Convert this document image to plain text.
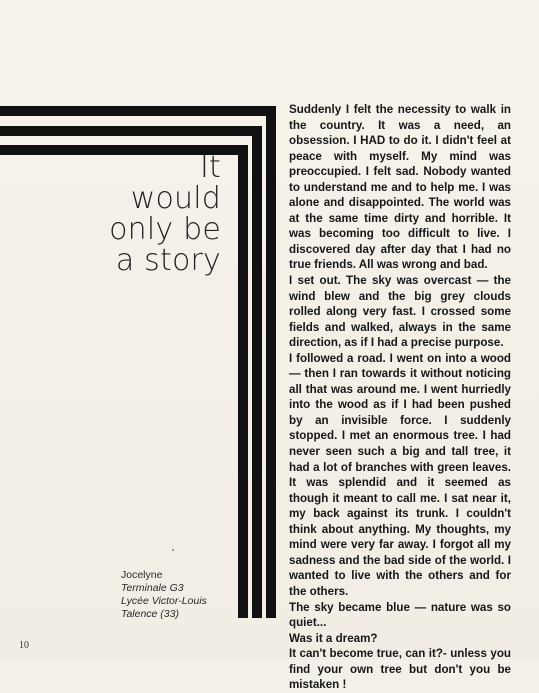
It
would
only be
a story

Suddenly I felt the necessity to walk in the country. It was a need, an obsession. I HAD to do it. I didn't feel at peace with myself. My mind was preoccupied. I felt sad. Nobody wanted to understand me and to help me. I was alone and disappointed. The world was at the same time dirty and horrible. It was becoming too difficult to live. I discovered day after day that I had no true friends. All was wrong and bad.

I set out. The sky was overcast — the wind blew and the big grey clouds rolled along very fast. I crossed some fields and walked, always in the same direction, as if I had a precise purpose.

I followed a road. I went on into a wood — then I ran towards it without noticing all that was around me. I went hurriedly into the wood as if I had been pushed by an invisible force. I suddenly stopped. I met an enormous tree. I had never seen such a big and tall tree, it had a lot of branches with green leaves. It was splendid and it seemed as though it meant to call me. I sat near it, my back against its trunk. I couldn't think about anything. My thoughts, my mind were very far away. I forgot all my sadness and the bad side of the world. I wanted to live with the others and for the others.

The sky became blue — nature was so quiet...

Was it a dream?

It can't become true, can it?- unless you find your own tree but don't you be mistaken !

Jocelyne
Terminale G3
Lycée Victor-Louis
Talence (33)
10
